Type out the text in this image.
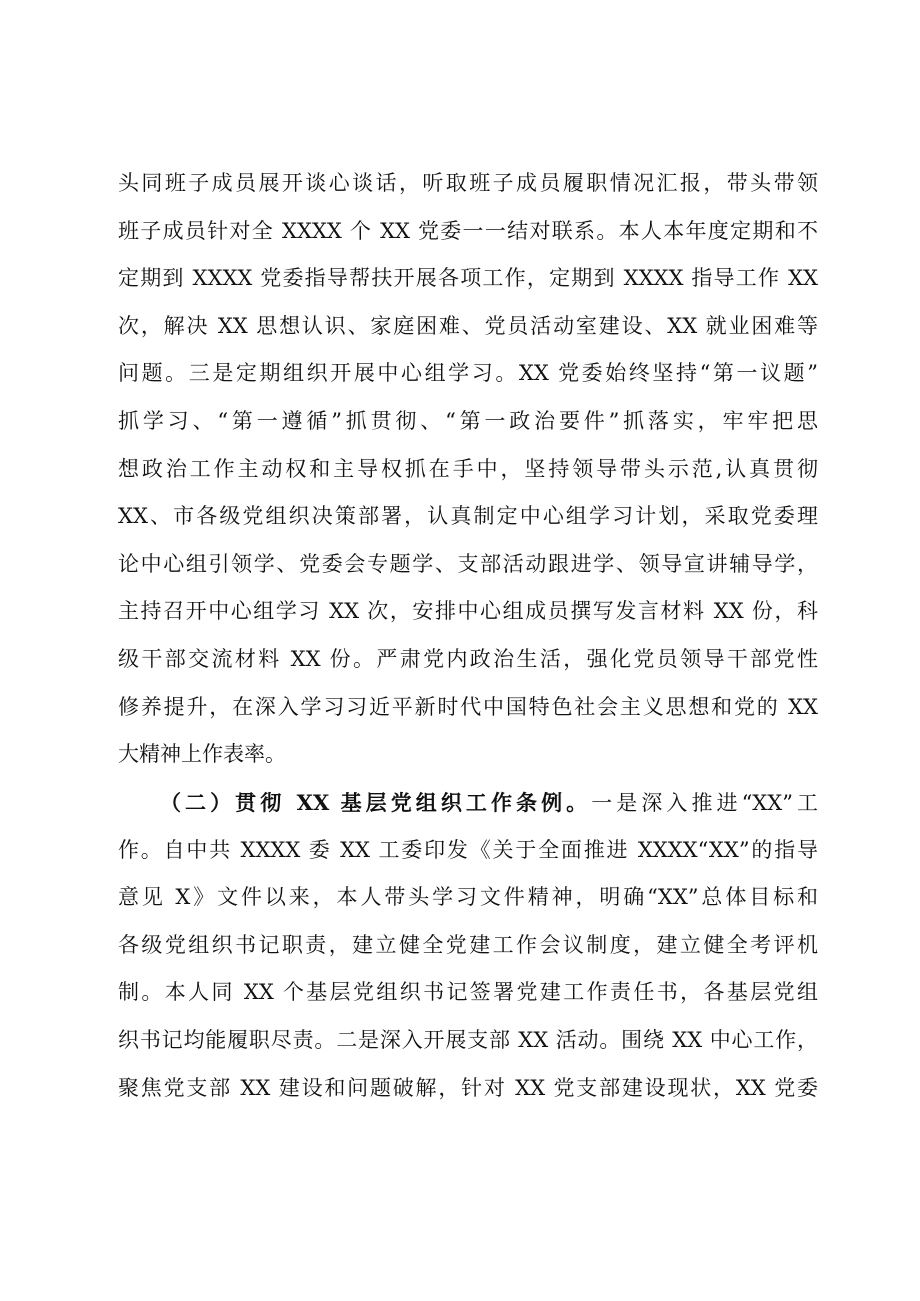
头同班子成员展开谈心谈话，听取班子成员履职情况汇报，带头带领
班子成员针对全 XXXX 个 XX 党委一一结对联系。本人本年度定期和不
定期到 XXXX 党委指导帮扶开展各项工作，定期到 XXXX 指导工作 XX
次，解决 XX 思想认识、家庭困难、党员活动室建设、XX 就业困难等
问题。三是定期组织开展中心组学习。XX 党委始终坚持“第一议题”
抓学习、“第一遵循”抓贯彻、“第一政治要件”抓落实，牢牢把思
想政治工作主动权和主导权抓在手中，坚持领导带头示范,认真贯彻
XX、市各级党组织决策部署，认真制定中心组学习计划，采取党委理
论中心组引领学、党委会专题学、支部活动跟进学、领导宣讲辅导学，
主持召开中心组学习 XX 次，安排中心组成员撰写发言材料 XX 份，科
级干部交流材料 XX 份。严肃党内政治生活，强化党员领导干部党性
修养提升，在深入学习习近平新时代中国特色社会主义思想和党的 XX
大精神上作表率。
（二）贯彻 XX 基层党组织工作条例。一是深入推进“XX”工
作。自中共 XXXX 委 XX 工委印发《关于全面推进 XXXX“XX”的指导
意见 X》文件以来，本人带头学习文件精神，明确“XX”总体目标和
各级党组织书记职责，建立健全党建工作会议制度，建立健全考评机
制。本人同 XX 个基层党组织书记签署党建工作责任书，各基层党组
织书记均能履职尽责。二是深入开展支部 XX 活动。围绕 XX 中心工作，
聚焦党支部 XX 建设和问题破解，针对 XX 党支部建设现状，XX 党委
